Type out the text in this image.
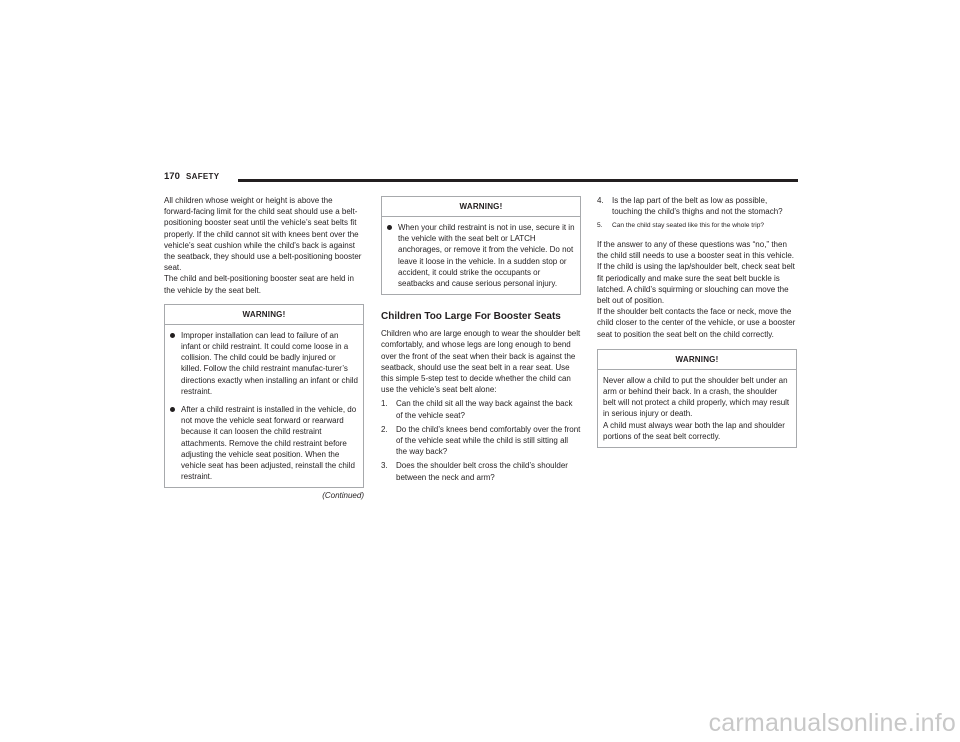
170 SAFETY

All children whose weight or height is above the forward-facing limit for the child seat should use a belt-positioning booster seat until the vehicle’s seat belts fit properly. If the child cannot sit with knees bent over the vehicle’s seat cushion while the child’s back is against the seatback, they should use a belt-positioning booster seat.

The child and belt-positioning booster seat are held in the vehicle by the seat belt.

WARNING!
Improper installation can lead to failure of an infant or child restraint. It could come loose in a collision. The child could be badly injured or killed. Follow the child restraint manufac-turer’s directions exactly when installing an infant or child restraint.
After a child restraint is installed in the vehicle, do not move the vehicle seat forward or rearward because it can loosen the child restraint attachments. Remove the child restraint before adjusting the vehicle seat position. When the vehicle seat has been adjusted, reinstall the child restraint.
(Continued)
WARNING!
When your child restraint is not in use, secure it in the vehicle with the seat belt or LATCH anchorages, or remove it from the vehicle. Do not leave it loose in the vehicle. In a sudden stop or accident, it could strike the occupants or seatbacks and cause serious personal injury.
Children Too Large For Booster Seats

Children who are large enough to wear the shoulder belt comfortably, and whose legs are long enough to bend over the front of the seat when their back is against the seatback, should use the seat belt in a rear seat. Use this simple 5-step test to decide whether the child can use the vehicle’s seat belt alone:

1. Can the child sit all the way back against the back of the vehicle seat?
2. Do the child’s knees bend comfortably over the front of the vehicle seat while the child is still sitting all the way back?
3. Does the shoulder belt cross the child’s shoulder between the neck and arm?
4. Is the lap part of the belt as low as possible, touching the child’s thighs and not the stomach?
5. Can the child stay seated like this for the whole trip?

If the answer to any of these questions was “no,” then the child still needs to use a booster seat in this vehicle. If the child is using the lap/shoulder belt, check seat belt fit periodically and make sure the seat belt buckle is latched. A child’s squirming or slouching can move the belt out of position.

If the shoulder belt contacts the face or neck, move the child closer to the center of the vehicle, or use a booster seat to position the seat belt on the child correctly.

WARNING!

Never allow a child to put the shoulder belt under an arm or behind their back. In a crash, the shoulder belt will not protect a child properly, which may result in serious injury or death.

A child must always wear both the lap and shoulder portions of the seat belt correctly.

carmanualsonline.info
